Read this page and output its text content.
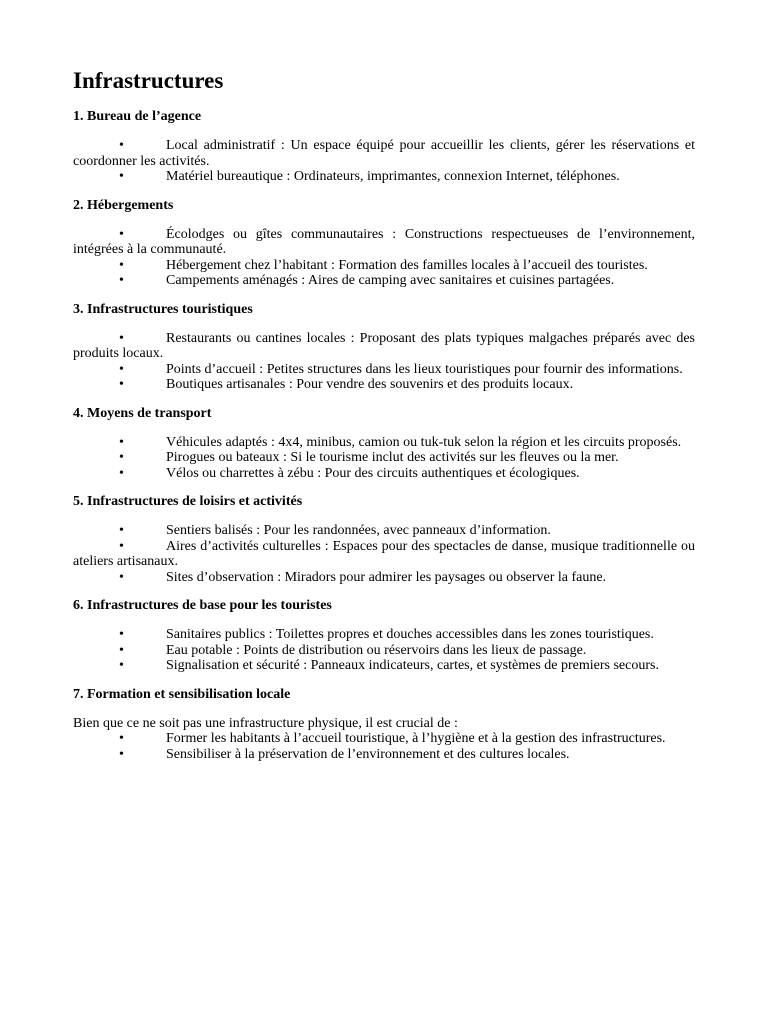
Infrastructures

1. Bureau de l’agence

• Local administratif : Un espace équipé pour accueillir les clients, gérer les réservations et coordonner les activités.
• Matériel bureautique : Ordinateurs, imprimantes, connexion Internet, téléphones.

2. Hébergements

• Écolodges ou gîtes communautaires : Constructions respectueuses de l’environnement, intégrées à la communauté.
• Hébergement chez l’habitant : Formation des familles locales à l’accueil des touristes.
• Campements aménagés : Aires de camping avec sanitaires et cuisines partagées.

3. Infrastructures touristiques

• Restaurants ou cantines locales : Proposant des plats typiques malgaches préparés avec des produits locaux.
• Points d’accueil : Petites structures dans les lieux touristiques pour fournir des informations.
• Boutiques artisanales : Pour vendre des souvenirs et des produits locaux.

4. Moyens de transport

• Véhicules adaptés : 4x4, minibus, camion ou tuk-tuk selon la région et les circuits proposés.
• Pirogues ou bateaux : Si le tourisme inclut des activités sur les fleuves ou la mer.
• Vélos ou charrettes à zébu : Pour des circuits authentiques et écologiques.

5. Infrastructures de loisirs et activités

• Sentiers balisés : Pour les randonnées, avec panneaux d’information.
• Aires d’activités culturelles : Espaces pour des spectacles de danse, musique traditionnelle ou ateliers artisanaux.
• Sites d’observation : Miradors pour admirer les paysages ou observer la faune.

6. Infrastructures de base pour les touristes

• Sanitaires publics : Toilettes propres et douches accessibles dans les zones touristiques.
• Eau potable : Points de distribution ou réservoirs dans les lieux de passage.
• Signalisation et sécurité : Panneaux indicateurs, cartes, et systèmes de premiers secours.

7. Formation et sensibilisation locale

Bien que ce ne soit pas une infrastructure physique, il est crucial de :

• Former les habitants à l’accueil touristique, à l’hygiène et à la gestion des infrastructures.
• Sensibiliser à la préservation de l’environnement et des cultures locales.
